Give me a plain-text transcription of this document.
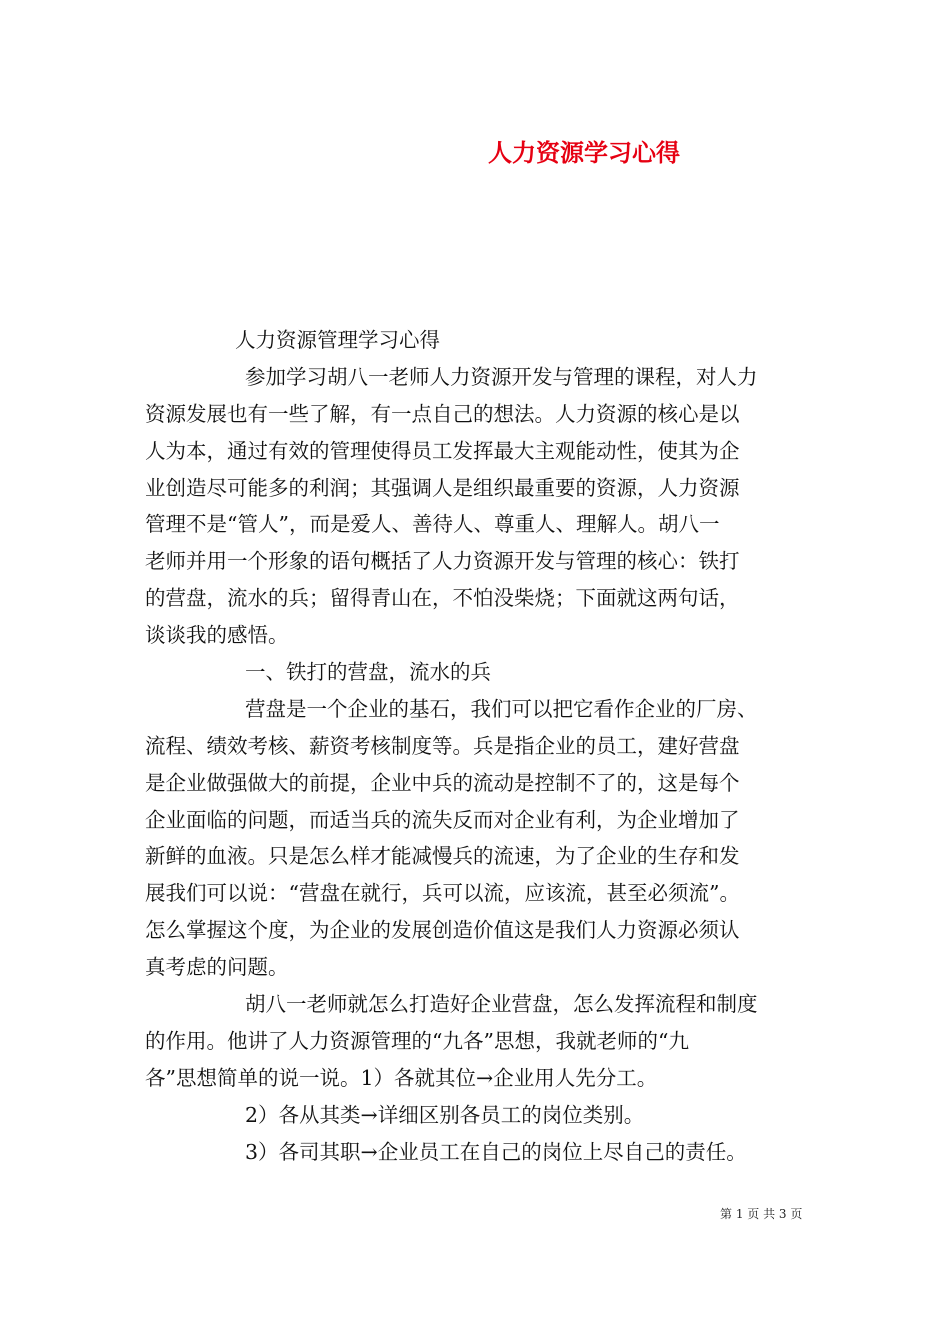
人力资源学习心得
人力资源管理学习心得
参加学习胡八一老师人力资源开发与管理的课程，对人力
资源发展也有一些了解，有一点自己的想法。人力资源的核心是以
人为本，通过有效的管理使得员工发挥最大主观能动性，使其为企
业创造尽可能多的利润；其强调人是组织最重要的资源，人力资源
管理不是“管人”，而是爱人、善待人、尊重人、理解人。胡八一
老师并用一个形象的语句概括了人力资源开发与管理的核心：铁打
的营盘，流水的兵；留得青山在，不怕没柴烧；下面就这两句话，
谈谈我的感悟。
一、铁打的营盘，流水的兵
营盘是一个企业的基石，我们可以把它看作企业的厂房、
流程、绩效考核、薪资考核制度等。兵是指企业的员工，建好营盘
是企业做强做大的前提，企业中兵的流动是控制不了的，这是每个
企业面临的问题，而适当兵的流失反而对企业有利，为企业增加了
新鲜的血液。只是怎么样才能减慢兵的流速，为了企业的生存和发
展我们可以说：“营盘在就行，兵可以流，应该流，甚至必须流”。
怎么掌握这个度，为企业的发展创造价值这是我们人力资源必须认
真考虑的问题。
胡八一老师就怎么打造好企业营盘，怎么发挥流程和制度
的作用。他讲了人力资源管理的“九各”思想，我就老师的“九
各”思想简单的说一说。1）各就其位→企业用人先分工。
2）各从其类→详细区别各员工的岗位类别。
3）各司其职→企业员工在自己的岗位上尽自己的责任。
第 1 页 共 3 页
